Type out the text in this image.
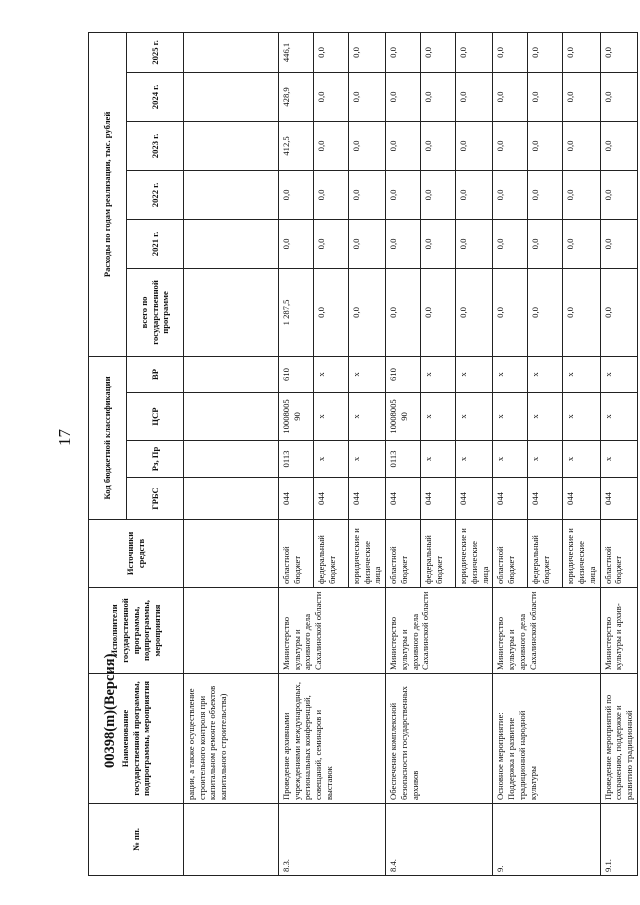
17
00398(m)(Версия)
№ пп.	Наименование государственной программы, подпрограммы, мероприятия	Исполнители государственной программы, подпрограммы, мероприятия	Источники средств	Код бюджетной классификации				Расходы по годам реализации, тыс. рублей					
				ГРБС	Рз, Пр	ЦСР	ВР	всего по государственной программе	2021 г.	2022 г.	2023 г.	2024 г.	2025 г.
	рации, а также осуществление строительного контроля при капитальном ремонте объектов капитального строительства)												
8.3.	Проведение архивными учреждениями международных, региональных конференций, совещаний, семинаров и выставок	Министерство культуры и архивного дела Сахалинской области	областной бюджет	044	0113	10008005 90	610	1 287,5	0,0	0,0	412,5	428,9	446,1
			федеральный бюджет	044	х	х	х	0,0	0,0	0,0	0,0	0,0	0,0
			юридические и физические лица	044	х	х	х	0,0	0,0	0,0	0,0	0,0	0,0
8.4.	Обеспечение комплексной безопасности государственных архивов	Министерство культуры и архивного дела Сахалинской области	областной бюджет	044	0113	10008005 90	610	0,0	0,0	0,0	0,0	0,0	0,0
			федеральный бюджет	044	х	х	х	0,0	0,0	0,0	0,0	0,0	0,0
			юридические и физические лица	044	х	х	х	0,0	0,0	0,0	0,0	0,0	0,0
9.	Основное мероприятие: Поддержка и развитие традиционной народной культуры	Министерство культуры и архивного дела Сахалинской области	областной бюджет	044	х	х	х	0,0	0,0	0,0	0,0	0,0	0,0
			федеральный бюджет	044	х	х	х	0,0	0,0	0,0	0,0	0,0	0,0
			юридические и физические лица	044	х	х	х	0,0	0,0	0,0	0,0	0,0	0,0
9.1.	Проведение мероприятий по сохранению, поддержке и развитию традиционной	Министерство культуры и архив-	областной бюджет	044	х	х	х	0,0	0,0	0,0	0,0	0,0	0,0
